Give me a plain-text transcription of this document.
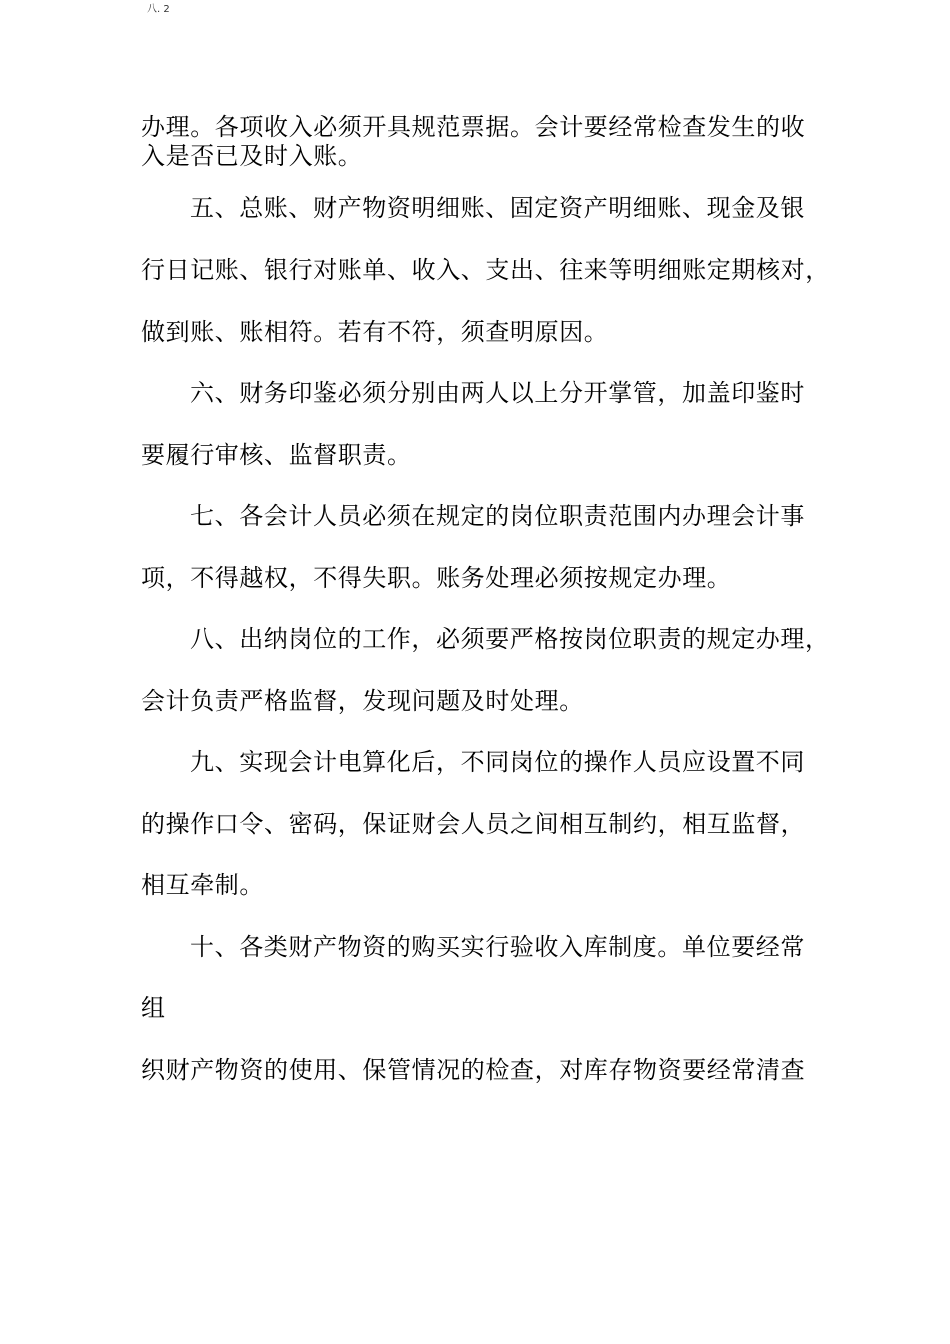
八. 2
办理。各项收入必须开具规范票据。会计要经常检查发生的收
入是否已及时入账。
五、总账、财产物资明细账、固定资产明细账、现金及银
行日记账、银行对账单、收入、支出、往来等明细账定期核对，
做到账、账相符。若有不符，须查明原因。
六、财务印鉴必须分别由两人以上分开掌管，加盖印鉴时
要履行审核、监督职责。
七、各会计人员必须在规定的岗位职责范围内办理会计事
项，不得越权，不得失职。账务处理必须按规定办理。
八、出纳岗位的工作，必须要严格按岗位职责的规定办理，
会计负责严格监督，发现问题及时处理。
九、实现会计电算化后，不同岗位的操作人员应设置不同
的操作口令、密码，保证财会人员之间相互制约，相互监督，
相互牵制。
十、各类财产物资的购买实行验收入库制度。单位要经常
组
织财产物资的使用、保管情况的检查，对库存物资要经常清查
